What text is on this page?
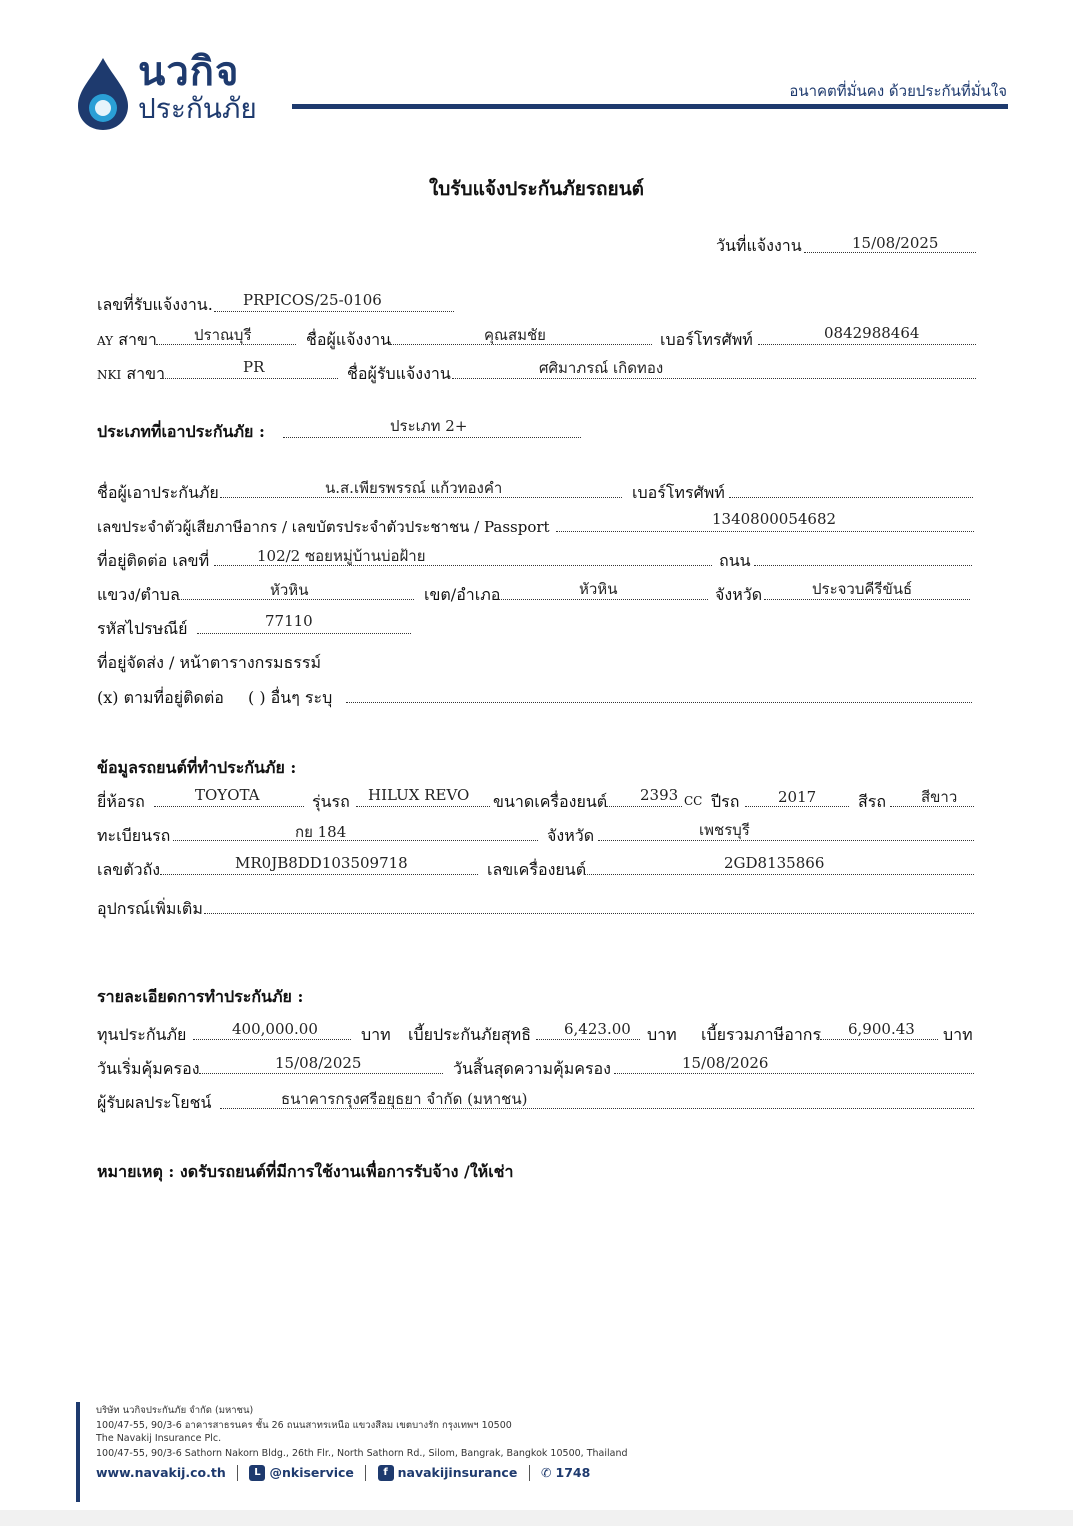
นวกิจ
ประกันภัย
อนาคตที่มั่นคง ด้วยประกันที่มั่นใจ
ใบรับแจ้งประกันภัยรถยนต์
วันที่แจ้งงาน	15/08/2025
เลขที่รับแจ้งงาน. PRPICOS/25-0106
AY สาขา ปราณบุรี	ชื่อผู้แจ้งงาน	คุณสมชัย	เบอร์โทรศัพท์	0842988464
NKI สาขา	PR	ชื่อผู้รับแจ้งงาน	ศศิมาภรณ์ เกิดทอง
ประเภทที่เอาประกันภัย :	ประเภท 2+
ชื่อผู้เอาประกันภัย	น.ส.เพียรพรรณ์ แก้วทองคำ	เบอร์โทรศัพท์
เลขประจำตัวผู้เสียภาษีอากร / เลขบัตรประจำตัวประชาชน / Passport	1340800054682
ที่อยู่ติดต่อ เลขที่	102/2 ซอยหมู่บ้านบ่อฝ้าย	ถนน
แขวง/ตำบล	หัวหิน	เขต/อำเภอ	หัวหิน	จังหวัด	ประจวบคีรีขันธ์
รหัสไปรษณีย์	77110
ที่อยู่จัดส่ง / หน้าตารางกรมธรรม์
(x) ตามที่อยู่ติดต่อ ( ) อื่นๆ ระบุ
ข้อมูลรถยนต์ที่ทำประกันภัย :
ยี่ห้อรถ	TOYOTA	รุ่นรถ HILUX REVO ขนาดเครื่องยนต์ 2393 CC ปีรถ	2017	สีรถ สีขาว
ทะเบียนรถ	กย 184	จังหวัด	เพชรบุรี
เลขตัวถัง	MR0JB8DD103509718	เลขเครื่องยนต์	2GD8135866
อุปกรณ์เพิ่มเติม
รายละเอียดการทำประกันภัย :
ทุนประกันภัย	400,000.00	บาท เบี้ยประกันภัยสุทธิ 6,423.00 บาท เบี้ยรวมภาษีอากร 6,900.43 บาท
วันเริ่มคุ้มครอง	15/08/2025	วันสิ้นสุดความคุ้มครอง	15/08/2026
ผู้รับผลประโยชน์	ธนาคารกรุงศรีอยุธยา จำกัด (มหาชน)
หมายเหตุ : งดรับรถยนต์ที่มีการใช้งานเพื่อการรับจ้าง /ให้เช่า
บริษัท นวกิจประกันภัย จำกัด (มหาชน)
100/47-55, 90/3-6 อาคารสาธรนคร ชั้น 26 ถนนสาทรเหนือ แขวงสีลม เขตบางรัก กรุงเทพฯ 10500
The Navakij Insurance Plc.
100/47-55, 90/3-6 Sathorn Nakorn Bldg., 26th Flr., North Sathorn Rd., Silom, Bangrak, Bangkok 10500, Thailand
www.navakij.co.th	L @nkiservice	f navakijinsurance ✆ 1748
